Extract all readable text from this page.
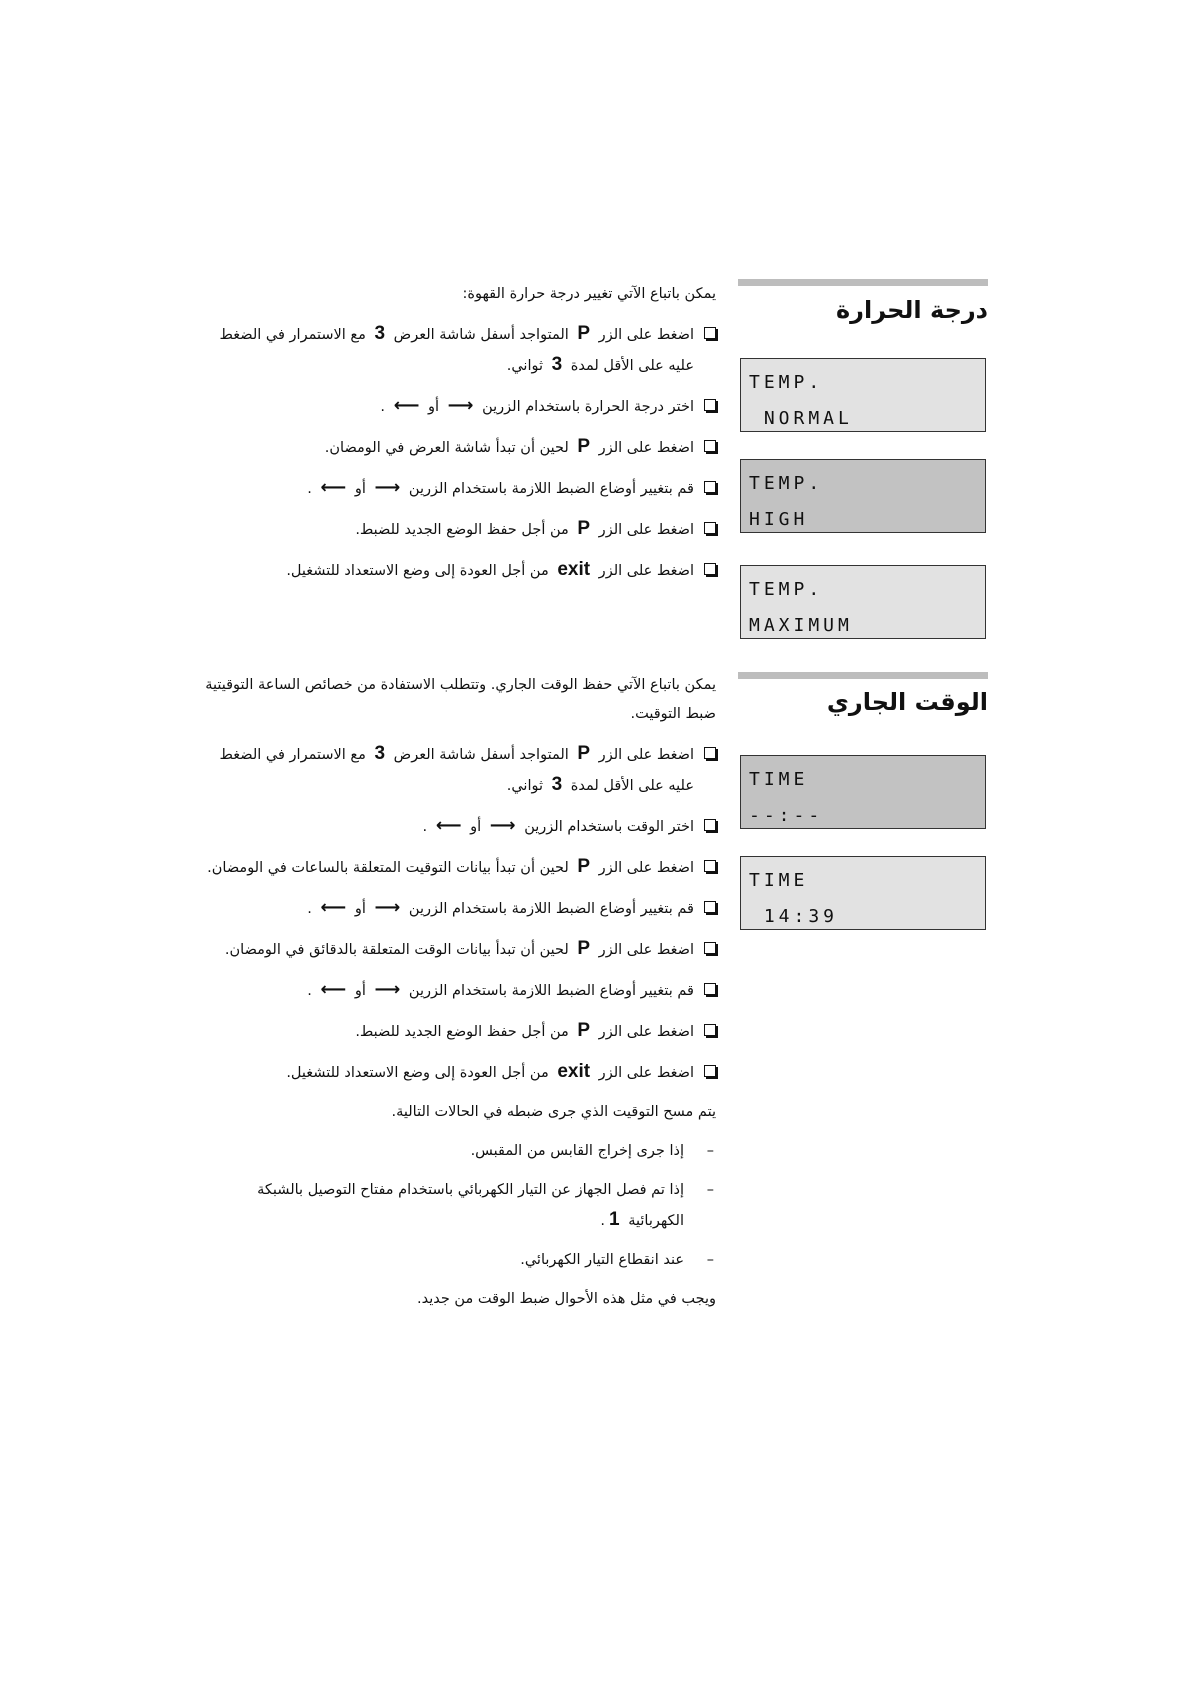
درجة الحرارة
يمكن باتباع الآتي تغيير درجة حرارة القهوة:
اضغط على الزر P المتواجد أسفل شاشة العرض 3 مع الاستمرار في الضغط عليه على الأقل لمدة 3 ثواني.
اختر درجة الحرارة باستخدام الزرين ⟶ أو ⟵ .
اضغط على الزر P لحين أن تبدأ شاشة العرض في الومضان.
قم بتغيير أوضاع الضبط اللازمة باستخدام الزرين ⟶ أو ⟵ .
اضغط على الزر P من أجل حفظ الوضع الجديد للضبط.
اضغط على الزر exit من أجل العودة إلى وضع الاستعداد للتشغيل.
TEMP.
NORMAL
TEMP.
HIGH
TEMP.
MAXIMUM
الوقت الجاري
يمكن باتباع الآتي حفظ الوقت الجاري. وتتطلب الاستفادة من خصائص الساعة التوقيتية ضبط التوقيت.
اضغط على الزر P المتواجد أسفل شاشة العرض 3 مع الاستمرار في الضغط عليه على الأقل لمدة 3 ثواني.
اختر الوقت باستخدام الزرين ⟶ أو ⟵ .
اضغط على الزر P لحين أن تبدأ بيانات التوقيت المتعلقة بالساعات في الومضان.
قم بتغيير أوضاع الضبط اللازمة باستخدام الزرين ⟶ أو ⟵ .
اضغط على الزر P لحين أن تبدأ بيانات الوقت المتعلقة بالدقائق في الومضان.
قم بتغيير أوضاع الضبط اللازمة باستخدام الزرين ⟶ أو ⟵ .
اضغط على الزر P من أجل حفظ الوضع الجديد للضبط.
اضغط على الزر exit من أجل العودة إلى وضع الاستعداد للتشغيل.
يتم مسح التوقيت الذي جرى ضبطه في الحالات التالية.
–
إذا جرى إخراج القابس من المقبس.
–
إذا تم فصل الجهاز عن التيار الكهربائي باستخدام مفتاح التوصيل بالشبكة الكهربائية 1.
–
عند انقطاع التيار الكهربائي.
ويجب في مثل هذه الأحوال ضبط الوقت من جديد.
TIME
--:--
TIME
14:39
